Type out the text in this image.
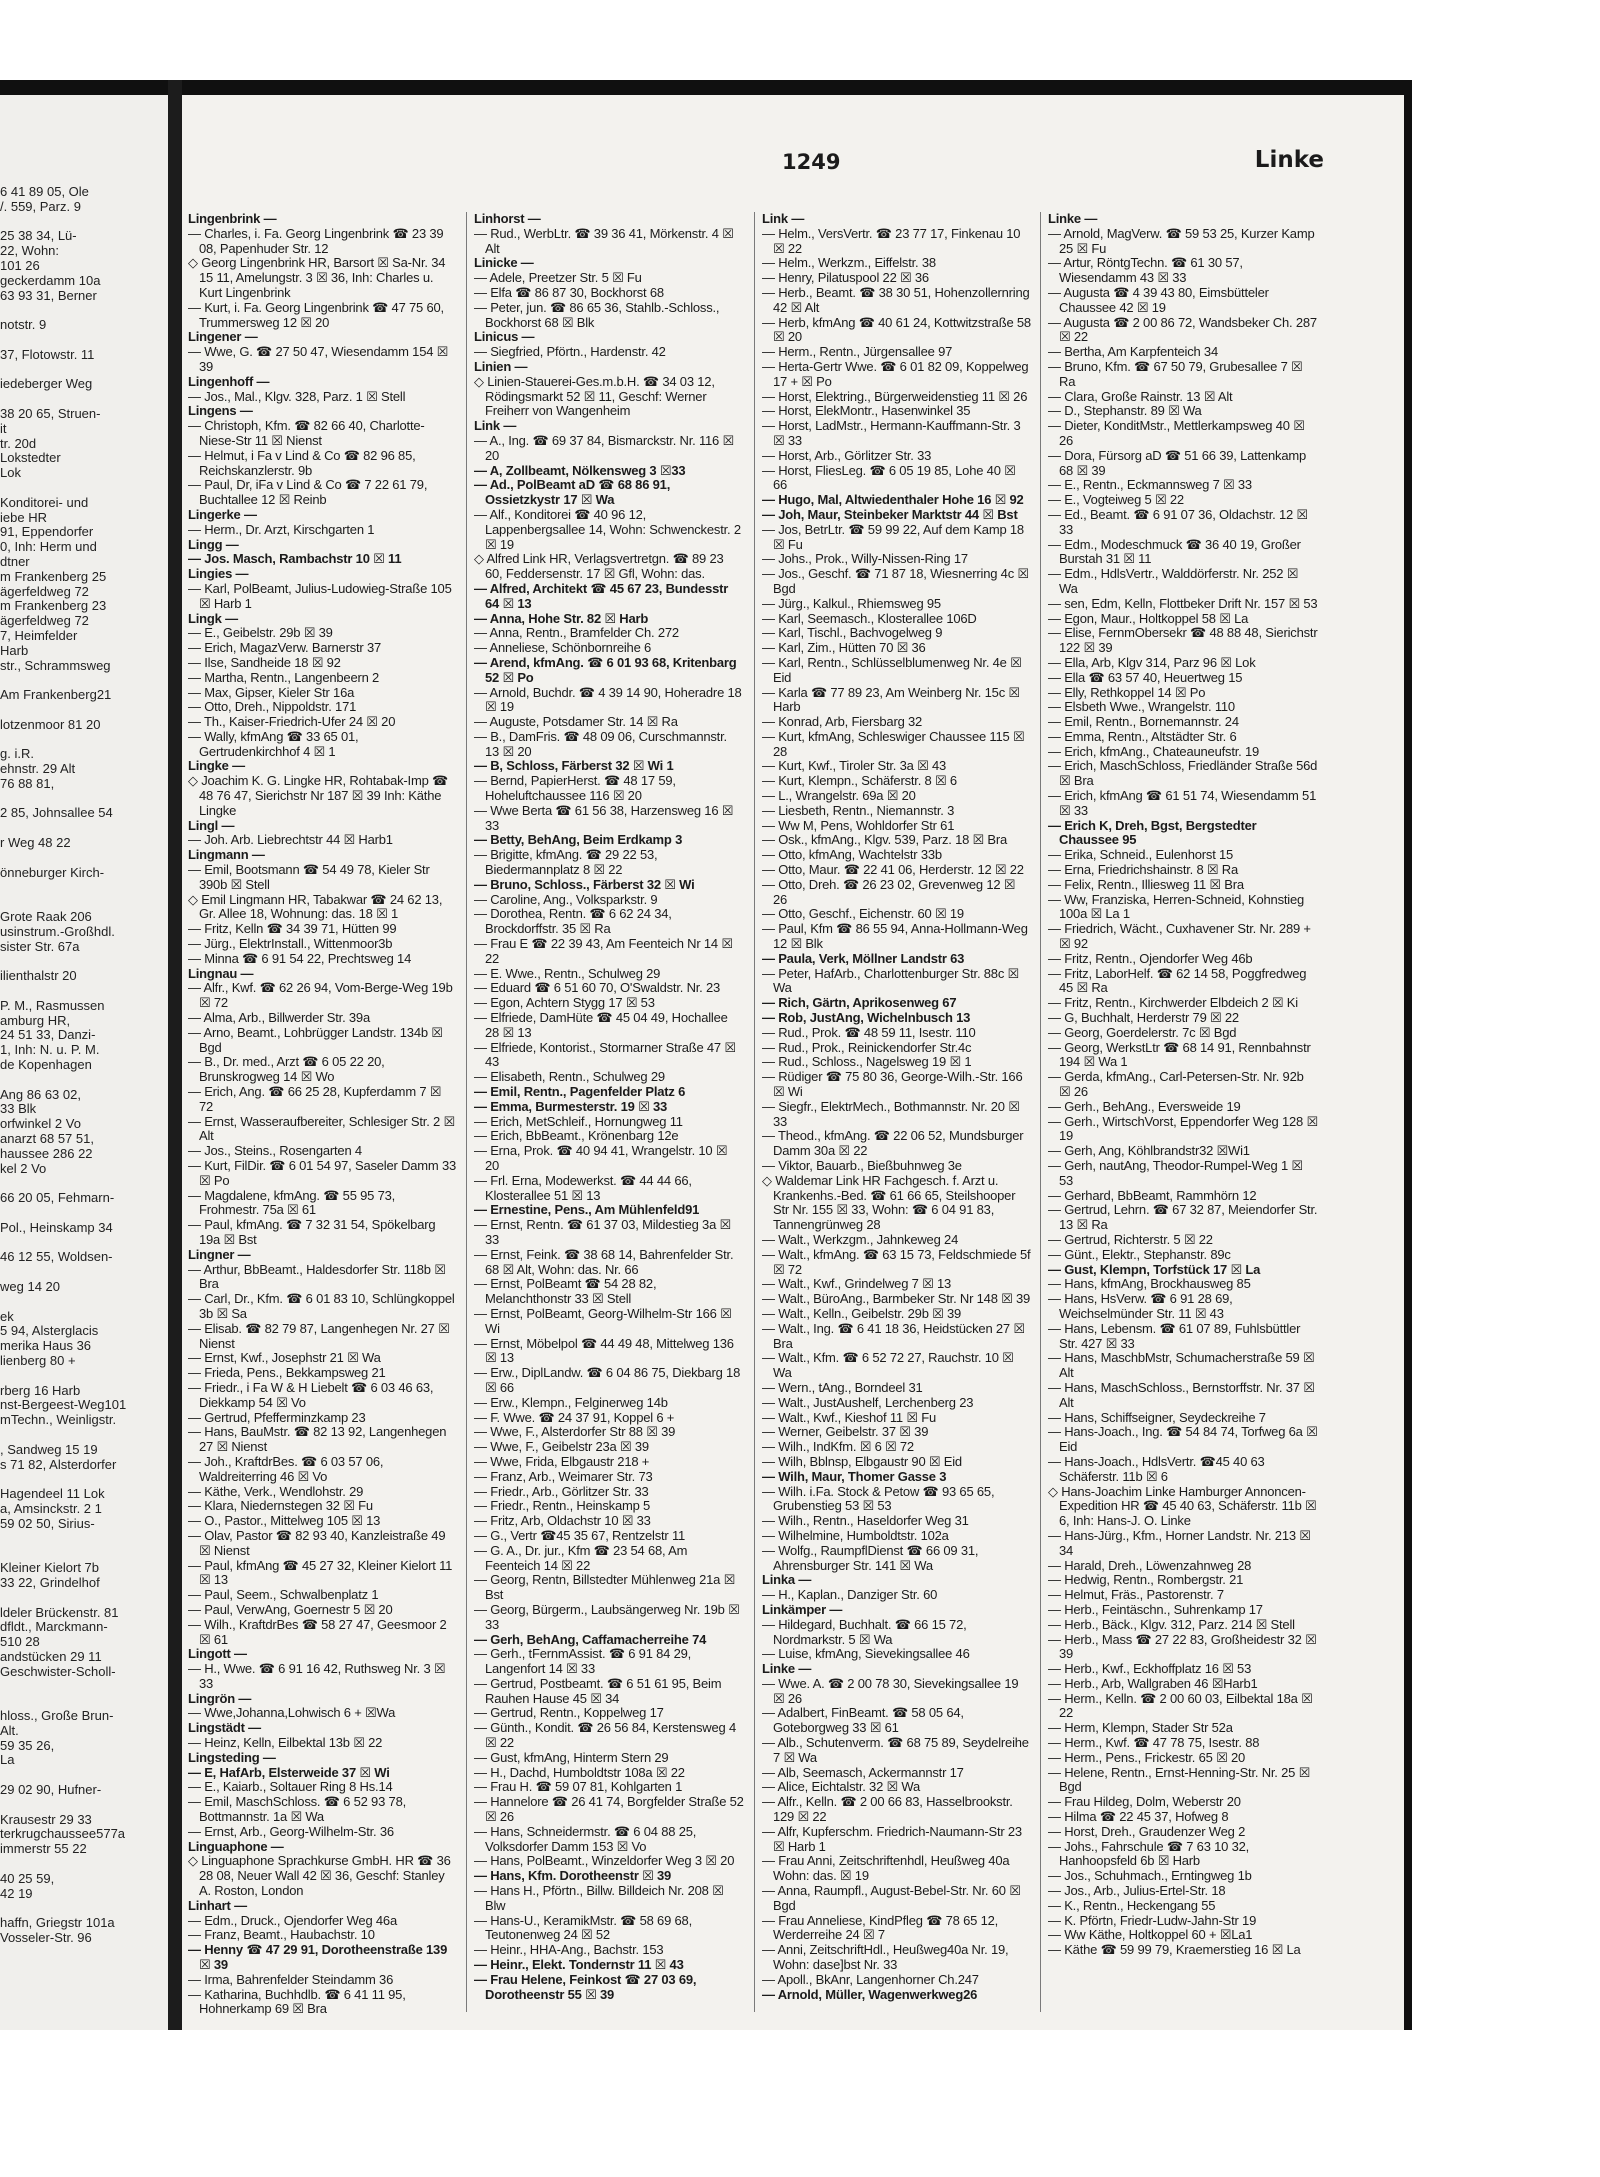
6 41 89 05, Ole

/. 559, Parz. 9

25 38 34, Lü-

22, Wohn:

101 26

geckerdamm 10a

63 93 31, Berner

notstr. 9

37, Flotowstr. 11

iedeberger Weg

38 20 65, Struen-

it

tr. 20d

Lokstedter

Lok

Konditorei- und

iebe HR

91, Eppendorfer

0, Inh: Herm und

dtner

m Frankenberg 25

ägerfeldweg 72

m Frankenberg 23

ägerfeldweg 72

7, Heimfelder

Harb

str., Schrammsweg

Am Frankenberg21

lotzenmoor 81 20

g. i.R.

ehnstr. 29 Alt

76 88 81,

2 85, Johnsallee 54

r Weg 48 22

önneburger Kirch-

Grote Raak 206

usinstrum.-Großhdl.

sister Str. 67a

ilienthalstr 20

P. M., Rasmussen

amburg HR,

24 51 33, Danzi-

1, Inh: N. u. P. M.

de Kopenhagen

Ang 86 63 02,

33 Blk

orfwinkel 2 Vo

anarzt 68 57 51,

haussee 286 22

kel 2 Vo

66 20 05, Fehmarn-

Pol., Heinskamp 34

46 12 55, Woldsen-

weg 14 20

ek

5 94, Alsterglacis

merika Haus 36

lienberg 80 +

rberg 16 Harb

nst-Bergeest-Weg101

mTechn., Weinligstr.

, Sandweg 15 19

s 71 82, Alsterdorfer

Hagendeel 11 Lok

a, Amsinckstr. 2 1

59 02 50, Sirius-

Kleiner Kielort 7b

33 22, Grindelhof

ldeler Brückenstr. 81

dfldt., Marckmann-

510 28

andstücken 29 11

Geschwister-Scholl-

hloss., Große Brun-

Alt.

59 35 26,

La

29 02 90, Hufner-

Krausestr 29 33

terkrugchaussee577a

immerstr 55 22

40 25 59,

42 19

haffn, Griegstr 101a

Vosseler-Str. 96

1249	Linke

Lingenbrink —

— Charles, i. Fa. Georg Lingenbrink ☎ 23 39 08, Papenhuder Str. 12

◇ Georg Lingenbrink HR, Barsort ☒ Sa-Nr. 34 15 11, Amelungstr. 3 ☒ 36, Inh: Charles u. Kurt Lingenbrink

— Kurt, i. Fa. Georg Lingenbrink ☎ 47 75 60, Trummersweg 12 ☒ 20

Lingener —

— Wwe, G. ☎ 27 50 47, Wiesendamm 154 ☒ 39

Lingenhoff —

— Jos., Mal., Klgv. 328, Parz. 1 ☒ Stell

Lingens —

— Christoph, Kfm. ☎ 82 66 40, Charlotte-Niese-Str 11 ☒ Nienst

— Helmut, i Fa v Lind & Co ☎ 82 96 85, Reichskanzlerstr. 9b

— Paul, Dr, iFa v Lind & Co ☎ 7 22 61 79, Buchtallee 12 ☒ Reinb

Lingerke —

— Herm., Dr. Arzt, Kirschgarten 1

Lingg —

— Jos. Masch, Rambachstr 10 ☒ 11

Lingies —

— Karl, PolBeamt, Julius-Ludowieg-Straße 105 ☒ Harb 1

Lingk —

— E., Geibelstr. 29b ☒ 39

— Erich, MagazVerw. Barnerstr 37

— Ilse, Sandheide 18 ☒ 92

— Martha, Rentn., Langenbeern 2

— Max, Gipser, Kieler Str 16a

— Otto, Dreh., Nippoldstr. 171

— Th., Kaiser-Friedrich-Ufer 24 ☒ 20

— Wally, kfmAng ☎ 33 65 01, Gertrudenkirchhof 4 ☒ 1

Lingke —

◇ Joachim K. G. Lingke HR, Rohtabak-Imp ☎ 48 76 47, Sierichstr Nr 187 ☒ 39 Inh: Käthe Lingke

Lingl —

— Joh. Arb. Liebrechtstr 44 ☒ Harb1

Lingmann —

— Emil, Bootsmann ☎ 54 49 78, Kieler Str 390b ☒ Stell

◇ Emil Lingmann HR, Tabakwar ☎ 24 62 13, Gr. Allee 18, Wohnung: das. 18 ☒ 1

— Fritz, Kelln ☎ 34 39 71, Hütten 99

— Jürg., ElektrInstall., Wittenmoor3b

— Minna ☎ 6 91 54 22, Prechtsweg 14

Lingnau —

— Alfr., Kwf. ☎ 62 26 94, Vom-Berge-Weg 19b ☒ 72

— Alma, Arb., Billwerder Str. 39a

— Arno, Beamt., Lohbrügger Landstr. 134b ☒ Bgd

— B., Dr. med., Arzt ☎ 6 05 22 20, Brunskrogweg 14 ☒ Wo

— Erich, Ang. ☎ 66 25 28, Kupferdamm 7 ☒ 72

— Ernst, Wasseraufbereiter, Schlesiger Str. 2 ☒ Alt

— Jos., Steins., Rosengarten 4

— Kurt, FilDir. ☎ 6 01 54 97, Saseler Damm 33 ☒ Po

— Magdalene, kfmAng. ☎ 55 95 73, Frohmestr. 75a ☒ 61

— Paul, kfmAng. ☎ 7 32 31 54, Spökelbarg 19a ☒ Bst

Lingner —

— Arthur, BbBeamt., Haldesdorfer Str. 118b ☒ Bra

— Carl, Dr., Kfm. ☎ 6 01 83 10, Schlüngkoppel 3b ☒ Sa

— Elisab. ☎ 82 79 87, Langenhegen Nr. 27 ☒ Nienst

— Ernst, Kwf., Josephstr 21 ☒ Wa

— Frieda, Pens., Bekkampsweg 21

— Friedr., i Fa W & H Liebelt ☎ 6 03 46 63, Diekkamp 54 ☒ Vo

— Gertrud, Pfefferminzkamp 23

— Hans, BauMstr. ☎ 82 13 92, Langenhegen 27 ☒ Nienst

— Joh., KraftdrBes. ☎ 6 03 57 06, Waldreiterring 46 ☒ Vo

— Käthe, Verk., Wendlohstr. 29

— Klara, Niedernstegen 32 ☒ Fu

— O., Pastor., Mittelweg 105 ☒ 13

— Olav, Pastor ☎ 82 93 40, Kanzleistraße 49 ☒ Nienst

— Paul, kfmAng ☎ 45 27 32, Kleiner Kielort 11 ☒ 13

— Paul, Seem., Schwalbenplatz 1

— Paul, VerwAng, Goernestr 5 ☒ 20

— Wilh., KraftdrBes ☎ 58 27 47, Geesmoor 2 ☒ 61

Lingott —

— H., Wwe. ☎ 6 91 16 42, Ruthsweg Nr. 3 ☒ 33

Lingrön —

— Wwe,Johanna,Lohwisch 6 + ☒Wa

Lingstädt —

— Heinz, Kelln, Eilbektal 13b ☒ 22

Lingsteding —

— E, HafArb, Elsterweide 37 ☒ Wi

— E., Kaiarb., Soltauer Ring 8 Hs.14

— Emil, MaschSchloss. ☎ 6 52 93 78, Bottmannstr. 1a ☒ Wa

— Ernst, Arb., Georg-Wilhelm-Str. 36

Linguaphone —

◇ Linguaphone Sprachkurse GmbH. HR ☎ 36 28 08, Neuer Wall 42 ☒ 36, Geschf: Stanley A. Roston, London

Linhart —

— Edm., Druck., Ojendorfer Weg 46a

— Franz, Beamt., Haubachstr. 10

— Henny ☎ 47 29 91, Dorotheenstraße 139 ☒ 39

— Irma, Bahrenfelder Steindamm 36

— Katharina, Buchhdlb. ☎ 6 41 11 95, Hohnerkamp 69 ☒ Bra

Linhorst —

— Rud., WerbLtr. ☎ 39 36 41, Mörkenstr. 4 ☒ Alt

Linicke —

— Adele, Preetzer Str. 5 ☒ Fu

— Elfa ☎ 86 87 30, Bockhorst 68

— Peter, jun. ☎ 86 65 36, Stahlb.-Schloss., Bockhorst 68 ☒ Blk

Linicus —

— Siegfried, Pförtn., Hardenstr. 42

Linien —

◇ Linien-Stauerei-Ges.m.b.H. ☎ 34 03 12, Rödingsmarkt 52 ☒ 11, Geschf: Werner Freiherr von Wangenheim

Link —

— A., Ing. ☎ 69 37 84, Bismarckstr. Nr. 116 ☒ 20

— A, Zollbeamt, Nölkensweg 3 ☒33

— Ad., PolBeamt aD ☎ 68 86 91, Ossietzkystr 17 ☒ Wa

— Alf., Konditorei ☎ 40 96 12, Lappenbergsallee 14, Wohn: Schwenckestr. 2 ☒ 19

◇ Alfred Link HR, Verlagsvertretgn. ☎ 89 23 60, Feddersenstr. 17 ☒ Gfl, Wohn: das.

— Alfred, Architekt ☎ 45 67 23, Bundesstr 64 ☒ 13

— Anna, Hohe Str. 82 ☒ Harb

— Anna, Rentn., Bramfelder Ch. 272

— Anneliese, Schönbornreihe 6

— Arend, kfmAng. ☎ 6 01 93 68, Kritenbarg 52 ☒ Po

— Arnold, Buchdr. ☎ 4 39 14 90, Hoheradre 18 ☒ 19

— Auguste, Potsdamer Str. 14 ☒ Ra

— B., DamFris. ☎ 48 09 06, Curschmannstr. 13 ☒ 20

— B, Schloss, Färberst 32 ☒ Wi 1

— Bernd, PapierHerst. ☎ 48 17 59, Hoheluftchaussee 116 ☒ 20

— Wwe Berta ☎ 61 56 38, Harzensweg 16 ☒ 33

— Betty, BehAng, Beim Erdkamp 3

— Brigitte, kfmAng. ☎ 29 22 53, Biedermannplatz 8 ☒ 22

— Bruno, Schloss., Färberst 32 ☒ Wi

— Caroline, Ang., Volksparkstr. 9

— Dorothea, Rentn. ☎ 6 62 24 34, Brockdorffstr. 35 ☒ Ra

— Frau E ☎ 22 39 43, Am Feenteich Nr 14 ☒ 22

— E. Wwe., Rentn., Schulweg 29

— Eduard ☎ 6 51 60 70, O'Swaldstr. Nr. 23

— Egon, Achtern Stygg 17 ☒ 53

— Elfriede, DamHüte ☎ 45 04 49, Hochallee 28 ☒ 13

— Elfriede, Kontorist., Stormarner Straße 47 ☒ 43

— Elisabeth, Rentn., Schulweg 29

— Emil, Rentn., Pagenfelder Platz 6

— Emma, Burmesterstr. 19 ☒ 33

— Erich, MetSchleif., Hornungweg 11

— Erich, BbBeamt., Krönenbarg 12e

— Erna, Prok. ☎ 40 94 41, Wrangelstr. 10 ☒ 20

— Frl. Erna, Modewerkst. ☎ 44 44 66, Klosterallee 51 ☒ 13

— Ernestine, Pens., Am Mühlenfeld91

— Ernst, Rentn. ☎ 61 37 03, Mildestieg 3a ☒ 33

— Ernst, Feink. ☎ 38 68 14, Bahrenfelder Str. 68 ☒ Alt, Wohn: das. Nr. 66

— Ernst, PolBeamt ☎ 54 28 82, Melanchthonstr 33 ☒ Stell

— Ernst, PolBeamt, Georg-Wilhelm-Str 166 ☒ Wi

— Ernst, Möbelpol ☎ 44 49 48, Mittelweg 136 ☒ 13

— Erw., DiplLandw. ☎ 6 04 86 75, Diekbarg 18 ☒ 66

— Erw., Klempn., Felginerweg 14b

— F. Wwe. ☎ 24 37 91, Koppel 6 +

— Wwe, F., Alsterdorfer Str 88 ☒ 39

— Wwe, F., Geibelstr 23a ☒ 39

— Wwe, Frida, Elbgaustr 218 +

— Franz, Arb., Weimarer Str. 73

— Friedr., Arb., Görlitzer Str. 33

— Friedr., Rentn., Heinskamp 5

— Fritz, Arb, Oldachstr 10 ☒ 33

— G., Vertr ☎45 35 67, Rentzelstr 11

— G. A., Dr. jur., Kfm ☎ 23 54 68, Am Feenteich 14 ☒ 22

— Georg, Rentn, Billstedter Mühlenweg 21a ☒ Bst

— Georg, Bürgerm., Laubsängerweg Nr. 19b ☒ 33

— Gerh, BehAng, Caffamacherreihe 74

— Gerh., tFernmAssist. ☎ 6 91 84 29, Langenfort 14 ☒ 33

— Gertrud, Postbeamt. ☎ 6 51 61 95, Beim Rauhen Hause 45 ☒ 34

— Gertrud, Rentn., Koppelweg 17

— Günth., Kondit. ☎ 26 56 84, Kerstensweg 4 ☒ 22

— Gust, kfmAng, Hinterm Stern 29

— H., Dachd, Humboldtstr 108a ☒ 22

— Frau H. ☎ 59 07 81, Kohlgarten 1

— Hannelore ☎ 26 41 74, Borgfelder Straße 52 ☒ 26

— Hans, Schneidermstr. ☎ 6 04 88 25, Volksdorfer Damm 153 ☒ Vo

— Hans, PolBeamt., Winzeldorfer Weg 3 ☒ 20

— Hans, Kfm. Dorotheenstr ☒ 39

— Hans H., Pförtn., Billw. Billdeich Nr. 208 ☒ Blw

— Hans-U., KeramikMstr. ☎ 58 69 68, Teutonenweg 24 ☒ 52

— Heinr., HHA-Ang., Bachstr. 153

— Heinr., Elekt. Tondernstr 11 ☒ 43

— Frau Helene, Feinkost ☎ 27 03 69, Dorotheenstr 55 ☒ 39

Link —

— Helm., VersVertr. ☎ 23 77 17, Finkenau 10 ☒ 22

— Helm., Werkzm., Eiffelstr. 38

— Henry, Pilatuspool 22 ☒ 36

— Herb., Beamt. ☎ 38 30 51, Hohenzollernring 42 ☒ Alt

— Herb, kfmAng ☎ 40 61 24, Kottwitzstraße 58 ☒ 20

— Herm., Rentn., Jürgensallee 97

— Herta-Gertr Wwe. ☎ 6 01 82 09, Koppelweg 17 + ☒ Po

— Horst, Elektring., Bürgerweidenstieg 11 ☒ 26

— Horst, ElekMontr., Hasenwinkel 35

— Horst, LadMstr., Hermann-Kauffmann-Str. 3 ☒ 33

— Horst, Arb., Görlitzer Str. 33

— Horst, FliesLeg. ☎ 6 05 19 85, Lohe 40 ☒ 66

— Hugo, Mal, Altwiedenthaler Hohe 16 ☒ 92

— Joh, Maur, Steinbeker Marktstr 44 ☒ Bst

— Jos, BetrLtr. ☎ 59 99 22, Auf dem Kamp 18 ☒ Fu

— Johs., Prok., Willy-Nissen-Ring 17

— Jos., Geschf. ☎ 71 87 18, Wiesnerring 4c ☒ Bgd

— Jürg., Kalkul., Rhiemsweg 95

— Karl, Seemasch., Klosterallee 106D

— Karl, Tischl., Bachvogelweg 9

— Karl, Zim., Hütten 70 ☒ 36

— Karl, Rentn., Schlüsselblumenweg Nr. 4e ☒ Eid

— Karla ☎ 77 89 23, Am Weinberg Nr. 15c ☒ Harb

— Konrad, Arb, Fiersbarg 32

— Kurt, kfmAng, Schleswiger Chaussee 115 ☒ 28

— Kurt, Kwf., Tiroler Str. 3a ☒ 43

— Kurt, Klempn., Schäferstr. 8 ☒ 6

— L., Wrangelstr. 69a ☒ 20

— Liesbeth, Rentn., Niemannstr. 3

— Ww M, Pens, Wohldorfer Str 61

— Osk., kfmAng., Klgv. 539, Parz. 18 ☒ Bra

— Otto, kfmAng, Wachtelstr 33b

— Otto, Maur. ☎ 22 41 06, Herderstr. 12 ☒ 22

— Otto, Dreh. ☎ 26 23 02, Grevenweg 12 ☒ 26

— Otto, Geschf., Eichenstr. 60 ☒ 19

— Paul, Kfm ☎ 86 55 94, Anna-Hollmann-Weg 12 ☒ Blk

— Paula, Verk, Möllner Landstr 63

— Peter, HafArb., Charlottenburger Str. 88c ☒ Wa

— Rich, Gärtn, Aprikosenweg 67

— Rob, JustAng, Wichelnbusch 13

— Rud., Prok. ☎ 48 59 11, Isestr. 110

— Rud., Prok., Reinickendorfer Str.4c

— Rud., Schloss., Nagelsweg 19 ☒ 1

— Rüdiger ☎ 75 80 36, George-Wilh.-Str. 166 ☒ Wi

— Siegfr., ElektrMech., Bothmannstr. Nr. 20 ☒ 33

— Theod., kfmAng. ☎ 22 06 52, Mundsburger Damm 30a ☒ 22

— Viktor, Bauarb., Bießbuhnweg 3e

◇ Waldemar Link HR Fachgesch. f. Arzt u. Krankenhs.-Bed. ☎ 61 66 65, Steilshooper Str Nr. 155 ☒ 33, Wohn: ☎ 6 04 91 83, Tannengrünweg 28

— Walt., Werkzgm., Jahnkeweg 24

— Walt., kfmAng. ☎ 63 15 73, Feldschmiede 5f ☒ 72

— Walt., Kwf., Grindelweg 7 ☒ 13

— Walt., BüroAng., Barmbeker Str. Nr 148 ☒ 39

— Walt., Kelln., Geibelstr. 29b ☒ 39

— Walt., Ing. ☎ 6 41 18 36, Heidstücken 27 ☒ Bra

— Walt., Kfm. ☎ 6 52 72 27, Rauchstr. 10 ☒ Wa

— Wern., tAng., Borndeel 31

— Walt., JustAushelf, Lerchenberg 23

— Walt., Kwf., Kieshof 11 ☒ Fu

— Werner, Geibelstr. 37 ☒ 39

— Wilh., IndKfm. ☒ 6 ☒ 72

— Wilh, Bblnsp, Elbgaustr 90 ☒ Eid

— Wilh, Maur, Thomer Gasse 3

— Wilh. i.Fa. Stock & Petow ☎ 93 65 65, Grubenstieg 53 ☒ 53

— Wilh., Rentn., Haseldorfer Weg 31

— Wilhelmine, Humboldtstr. 102a

— Wolfg., RaumpflDienst ☎ 66 09 31, Ahrensburger Str. 141 ☒ Wa

Linka —

— H., Kaplan., Danziger Str. 60

Linkämper —

— Hildegard, Buchhalt. ☎ 66 15 72, Nordmarkstr. 5 ☒ Wa

— Luise, kfmAng, Sievekingsallee 46

Linke —

— Wwe. A. ☎ 2 00 78 30, Sievekingsallee 19 ☒ 26

— Adalbert, FinBeamt. ☎ 58 05 64, Goteborgweg 33 ☒ 61

— Alb., Schutenverm. ☎ 68 75 89, Seydelreihe 7 ☒ Wa

— Alb, Seemasch, Ackermannstr 17

— Alice, Eichtalstr. 32 ☒ Wa

— Alfr., Kelln. ☎ 2 00 66 83, Hasselbrookstr. 129 ☒ 22

— Alfr, Kupferschm. Friedrich-Naumann-Str 23 ☒ Harb 1

— Frau Anni, Zeitschriftenhdl, Heußweg 40a Wohn: das. ☒ 19

— Anna, Raumpfl., August-Bebel-Str. Nr. 60 ☒ Bgd

— Frau Anneliese, KindPfleg ☎ 78 65 12, Werderreihe 24 ☒ 7

— Anni, ZeitschriftHdl., Heußweg40a Nr. 19, Wohn: dase]bst Nr. 33

— Apoll., BkAnr, Langenhorner Ch.247

— Arnold, Müller, Wagenwerkweg26

Linke —

— Arnold, MagVerw. ☎ 59 53 25, Kurzer Kamp 25 ☒ Fu

— Artur, RöntgTechn. ☎ 61 30 57, Wiesendamm 43 ☒ 33

— Augusta ☎ 4 39 43 80, Eimsbütteler Chaussee 42 ☒ 19

— Augusta ☎ 2 00 86 72, Wandsbeker Ch. 287 ☒ 22

— Bertha, Am Karpfenteich 34

— Bruno, Kfm. ☎ 67 50 79, Grubesallee 7 ☒ Ra

— Clara, Große Rainstr. 13 ☒ Alt

— D., Stephanstr. 89 ☒ Wa

— Dieter, KonditMstr., Mettlerkampsweg 40 ☒ 26

— Dora, Fürsorg aD ☎ 51 66 39, Lattenkamp 68 ☒ 39

— E., Rentn., Eckmannsweg 7 ☒ 33

— E., Vogteiweg 5 ☒ 22

— Ed., Beamt. ☎ 6 91 07 36, Oldachstr. 12 ☒ 33

— Edm., Modeschmuck ☎ 36 40 19, Großer Burstah 31 ☒ 11

— Edm., HdlsVertr., Walddörferstr. Nr. 252 ☒ Wa

— sen, Edm, Kelln, Flottbeker Drift Nr. 157 ☒ 53

— Egon, Maur., Holtkoppel 58 ☒ La

— Elise, FernmObersekr ☎ 48 88 48, Sierichstr 122 ☒ 39

— Ella, Arb, Klgv 314, Parz 96 ☒ Lok

— Ella ☎ 63 57 40, Heuertweg 15

— Elly, Rethkoppel 14 ☒ Po

— Elsbeth Wwe., Wrangelstr. 110

— Emil, Rentn., Bornemannstr. 24

— Emma, Rentn., Altstädter Str. 6

— Erich, kfmAng., Chateauneufstr. 19

— Erich, MaschSchloss, Friedländer Straße 56d ☒ Bra

— Erich, kfmAng ☎ 61 51 74, Wiesendamm 51 ☒ 33

— Erich K, Dreh, Bgst, Bergstedter Chaussee 95

— Erika, Schneid., Eulenhorst 15

— Erna, Friedrichshainstr. 8 ☒ Ra

— Felix, Rentn., Illiesweg 11 ☒ Bra

— Ww, Franziska, Herren-Schneid, Kohnstieg 100a ☒ La 1

— Friedrich, Wächt., Cuxhavener Str. Nr. 289 + ☒ 92

— Fritz, Rentn., Ojendorfer Weg 46b

— Fritz, LaborHelf. ☎ 62 14 58, Poggfredweg 45 ☒ Ra

— Fritz, Rentn., Kirchwerder Elbdeich 2 ☒ Ki

— G, Buchhalt, Herderstr 79 ☒ 22

— Georg, Goerdelerstr. 7c ☒ Bgd

— Georg, WerkstLtr ☎ 68 14 91, Rennbahnstr 194 ☒ Wa 1

— Gerda, kfmAng., Carl-Petersen-Str. Nr. 92b ☒ 26

— Gerh., BehAng., Eversweide 19

— Gerh., WirtschVorst, Eppendorfer Weg 128 ☒ 19

— Gerh, Ang, Köhlbrandstr32 ☒Wi1

— Gerh, nautAng, Theodor-Rumpel-Weg 1 ☒ 53

— Gerhard, BbBeamt, Rammhörn 12

— Gertrud, Lehrn. ☎ 67 32 87, Meiendorfer Str. 13 ☒ Ra

— Gertrud, Richterstr. 5 ☒ 22

— Günt., Elektr., Stephanstr. 89c

— Gust, Klempn, Torfstück 17 ☒ La

— Hans, kfmAng, Brockhausweg 85

— Hans, HsVerw. ☎ 6 91 28 69, Weichselmünder Str. 11 ☒ 43

— Hans, Lebensm. ☎ 61 07 89, Fuhlsbüttler Str. 427 ☒ 33

— Hans, MaschbMstr, Schumacherstraße 59 ☒ Alt

— Hans, MaschSchloss., Bernstorffstr. Nr. 37 ☒ Alt

— Hans, Schiffseigner, Seydeckreihe 7

— Hans-Joach., Ing. ☎ 54 84 74, Torfweg 6a ☒ Eid

— Hans-Joach., HdlsVertr. ☎45 40 63 Schäferstr. 11b ☒ 6

◇ Hans-Joachim Linke Hamburger Annoncen-Expedition HR ☎ 45 40 63, Schäferstr. 11b ☒ 6, Inh: Hans-J. O. Linke

— Hans-Jürg., Kfm., Horner Landstr. Nr. 213 ☒ 34

— Harald, Dreh., Löwenzahnweg 28

— Hedwig, Rentn., Rombergstr. 21

— Helmut, Fräs., Pastorenstr. 7

— Herb., Feintäschn., Suhrenkamp 17

— Herb., Bäck., Klgv. 312, Parz. 214 ☒ Stell

— Herb., Mass ☎ 27 22 83, Großheidestr 32 ☒ 39

— Herb., Kwf., Eckhoffplatz 16 ☒ 53

— Herb., Arb, Wallgraben 46 ☒Harb1

— Herm., Kelln. ☎ 2 00 60 03, Eilbektal 18a ☒ 22

— Herm, Klempn, Stader Str 52a

— Herm., Kwf. ☎ 47 78 75, Isestr. 88

— Herm., Pens., Frickestr. 65 ☒ 20

— Helene, Rentn., Ernst-Henning-Str. Nr. 25 ☒ Bgd

— Frau Hildeg, Dolm, Weberstr 20

— Hilma ☎ 22 45 37, Hofweg 8

— Horst, Dreh., Graudenzer Weg 2

— Johs., Fahrschule ☎ 7 63 10 32, Hanhoopsfeld 6b ☒ Harb

— Jos., Schuhmach., Erntingweg 1b

— Jos., Arb., Julius-Ertel-Str. 18

— K., Rentn., Heckengang 55

— K. Pförtn, Friedr-Ludw-Jahn-Str 19

— Ww Käthe, Holtkoppel 60 + ☒La1

— Käthe ☎ 59 99 79, Kraemerstieg 16 ☒ La
